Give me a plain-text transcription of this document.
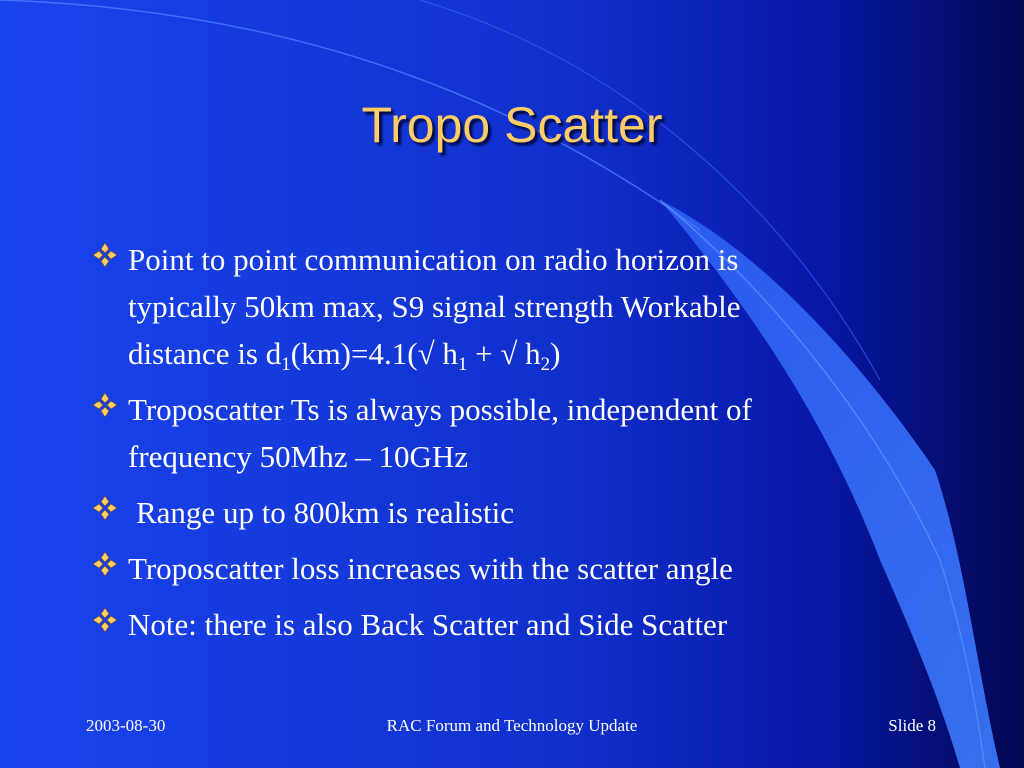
Tropo Scatter
Point to point communication on radio horizon is
typically 50km max, S9 signal strength Workable
distance is $d_1(km)=4.1(√$ $h_1$ + √ $h_2$)
Troposcatter Ts is always possible, independent of
frequency 50Mhz – 10GHz
Range up to 800km is realistic
Troposcatter loss increases with the scatter angle
Note: there is also Back Scatter and Side Scatter
2003-08-30	RAC Forum and Technology Update	Slide 8
